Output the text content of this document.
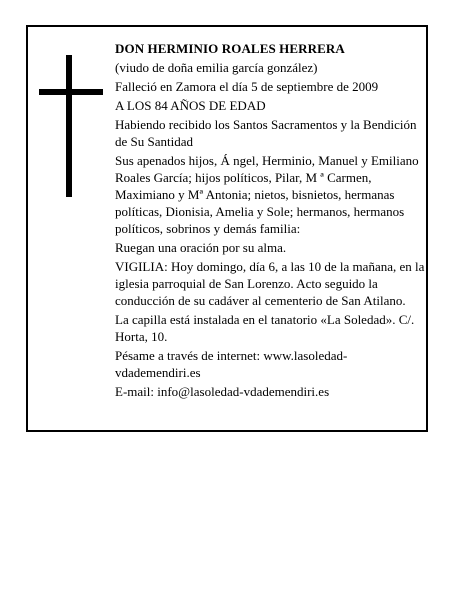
DON HERMINIO ROALES HERRERA

(viudo de doña emilia garcía gonzález)

Falleció en Zamora el día 5 de septiembre de 2009

A LOS 84 AÑOS DE EDAD

Habiendo recibido los Santos Sacramentos y la Bendición de Su Santidad

Sus apenados hijos, Á ngel, Herminio, Manuel y Emiliano Roales García; hijos políticos, Pilar, M ª Carmen, Maximiano y Mª Antonia; nietos, bisnietos, hermanas políticas, Dionisia, Amelia y Sole; hermanos, hermanos políticos, sobrinos y demás familia:

Ruegan una oración por su alma.

VIGILIA: Hoy domingo, día 6, a las 10 de la mañana, en la iglesia parroquial de San Lorenzo. Acto seguido la conducción de su cadáver al cementerio de San Atilano.

La capilla está instalada en el tanatorio «La Soledad». C/. Horta, 10.

Pésame a través de internet: www.lasoledad-vdademendiri.es

E-mail: info@lasoledad-vdademendiri.es
